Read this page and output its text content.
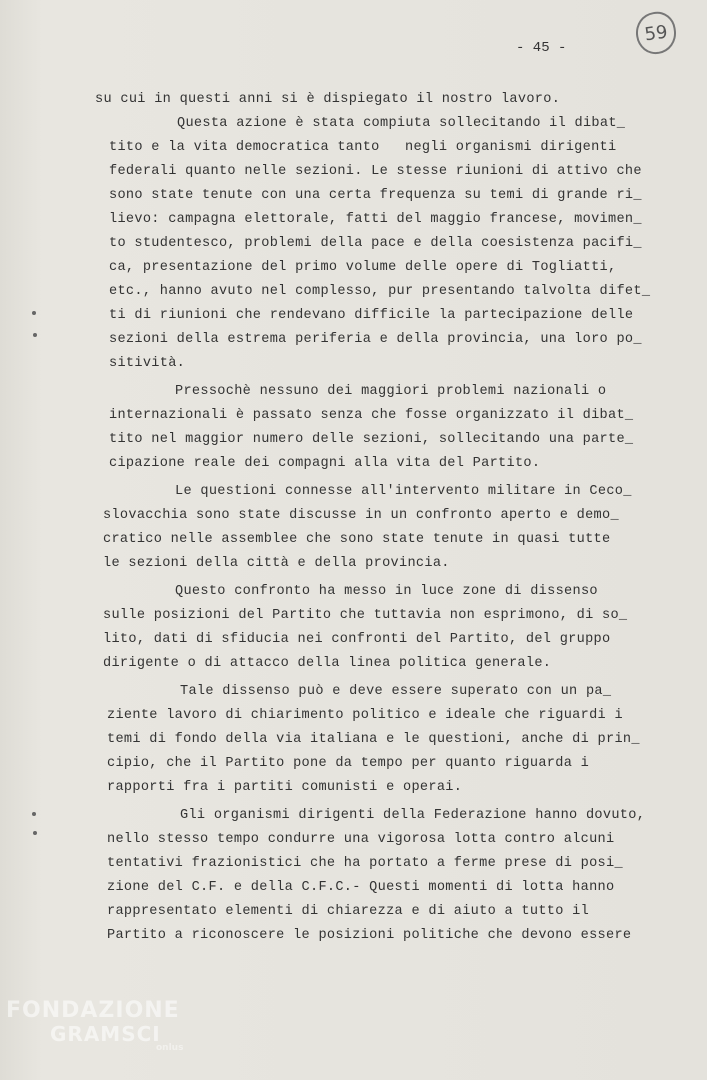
59
- 45 -
su cui in questi anni si è dispiegato il nostro lavoro.
Questa azione è stata compiuta sollecitando il dibat_
tito e la vita democratica tanto   negli organismi dirigenti
federali quanto nelle sezioni. Le stesse riunioni di attivo che
sono state tenute con una certa frequenza su temi di grande ri_
lievo: campagna elettorale, fatti del maggio francese, movimen_
to studentesco, problemi della pace e della coesistenza pacifi_
ca, presentazione del primo volume delle opere di Togliatti,
etc., hanno avuto nel complesso, pur presentando talvolta difet_
ti di riunioni che rendevano difficile la partecipazione delle
sezioni della estrema periferia e della provincia, una loro po_
sitività.
Pressochè nessuno dei maggiori problemi nazionali o
internazionali è passato senza che fosse organizzato il dibat_
tito nel maggior numero delle sezioni, sollecitando una parte_
cipazione reale dei compagni alla vita del Partito.
Le questioni connesse all'intervento militare in Ceco_
slovacchia sono state discusse in un confronto aperto e demo_
cratico nelle assemblee che sono state tenute in quasi tutte
le sezioni della città e della provincia.
Questo confronto ha messo in luce zone di dissenso
sulle posizioni del Partito che tuttavia non esprimono, di so_
lito, dati di sfiducia nei confronti del Partito, del gruppo
dirigente o di attacco della linea politica generale.
Tale dissenso può e deve essere superato con un pa_
ziente lavoro di chiarimento politico e ideale che riguardi i
temi di fondo della via italiana e le questioni, anche di prin_
cipio, che il Partito pone da tempo per quanto riguarda i
rapporti fra i partiti comunisti e operai.
Gli organismi dirigenti della Federazione hanno dovuto,
nello stesso tempo condurre una vigorosa lotta contro alcuni
tentativi frazionistici che ha portato a ferme prese di posi_
zione del C.F. e della C.F.C.- Questi momenti di lotta hanno
rappresentato elementi di chiarezza e di aiuto a tutto il
Partito a riconoscere le posizioni politiche che devono essere
FONDAZIONE
GRAMSCI
onlus
